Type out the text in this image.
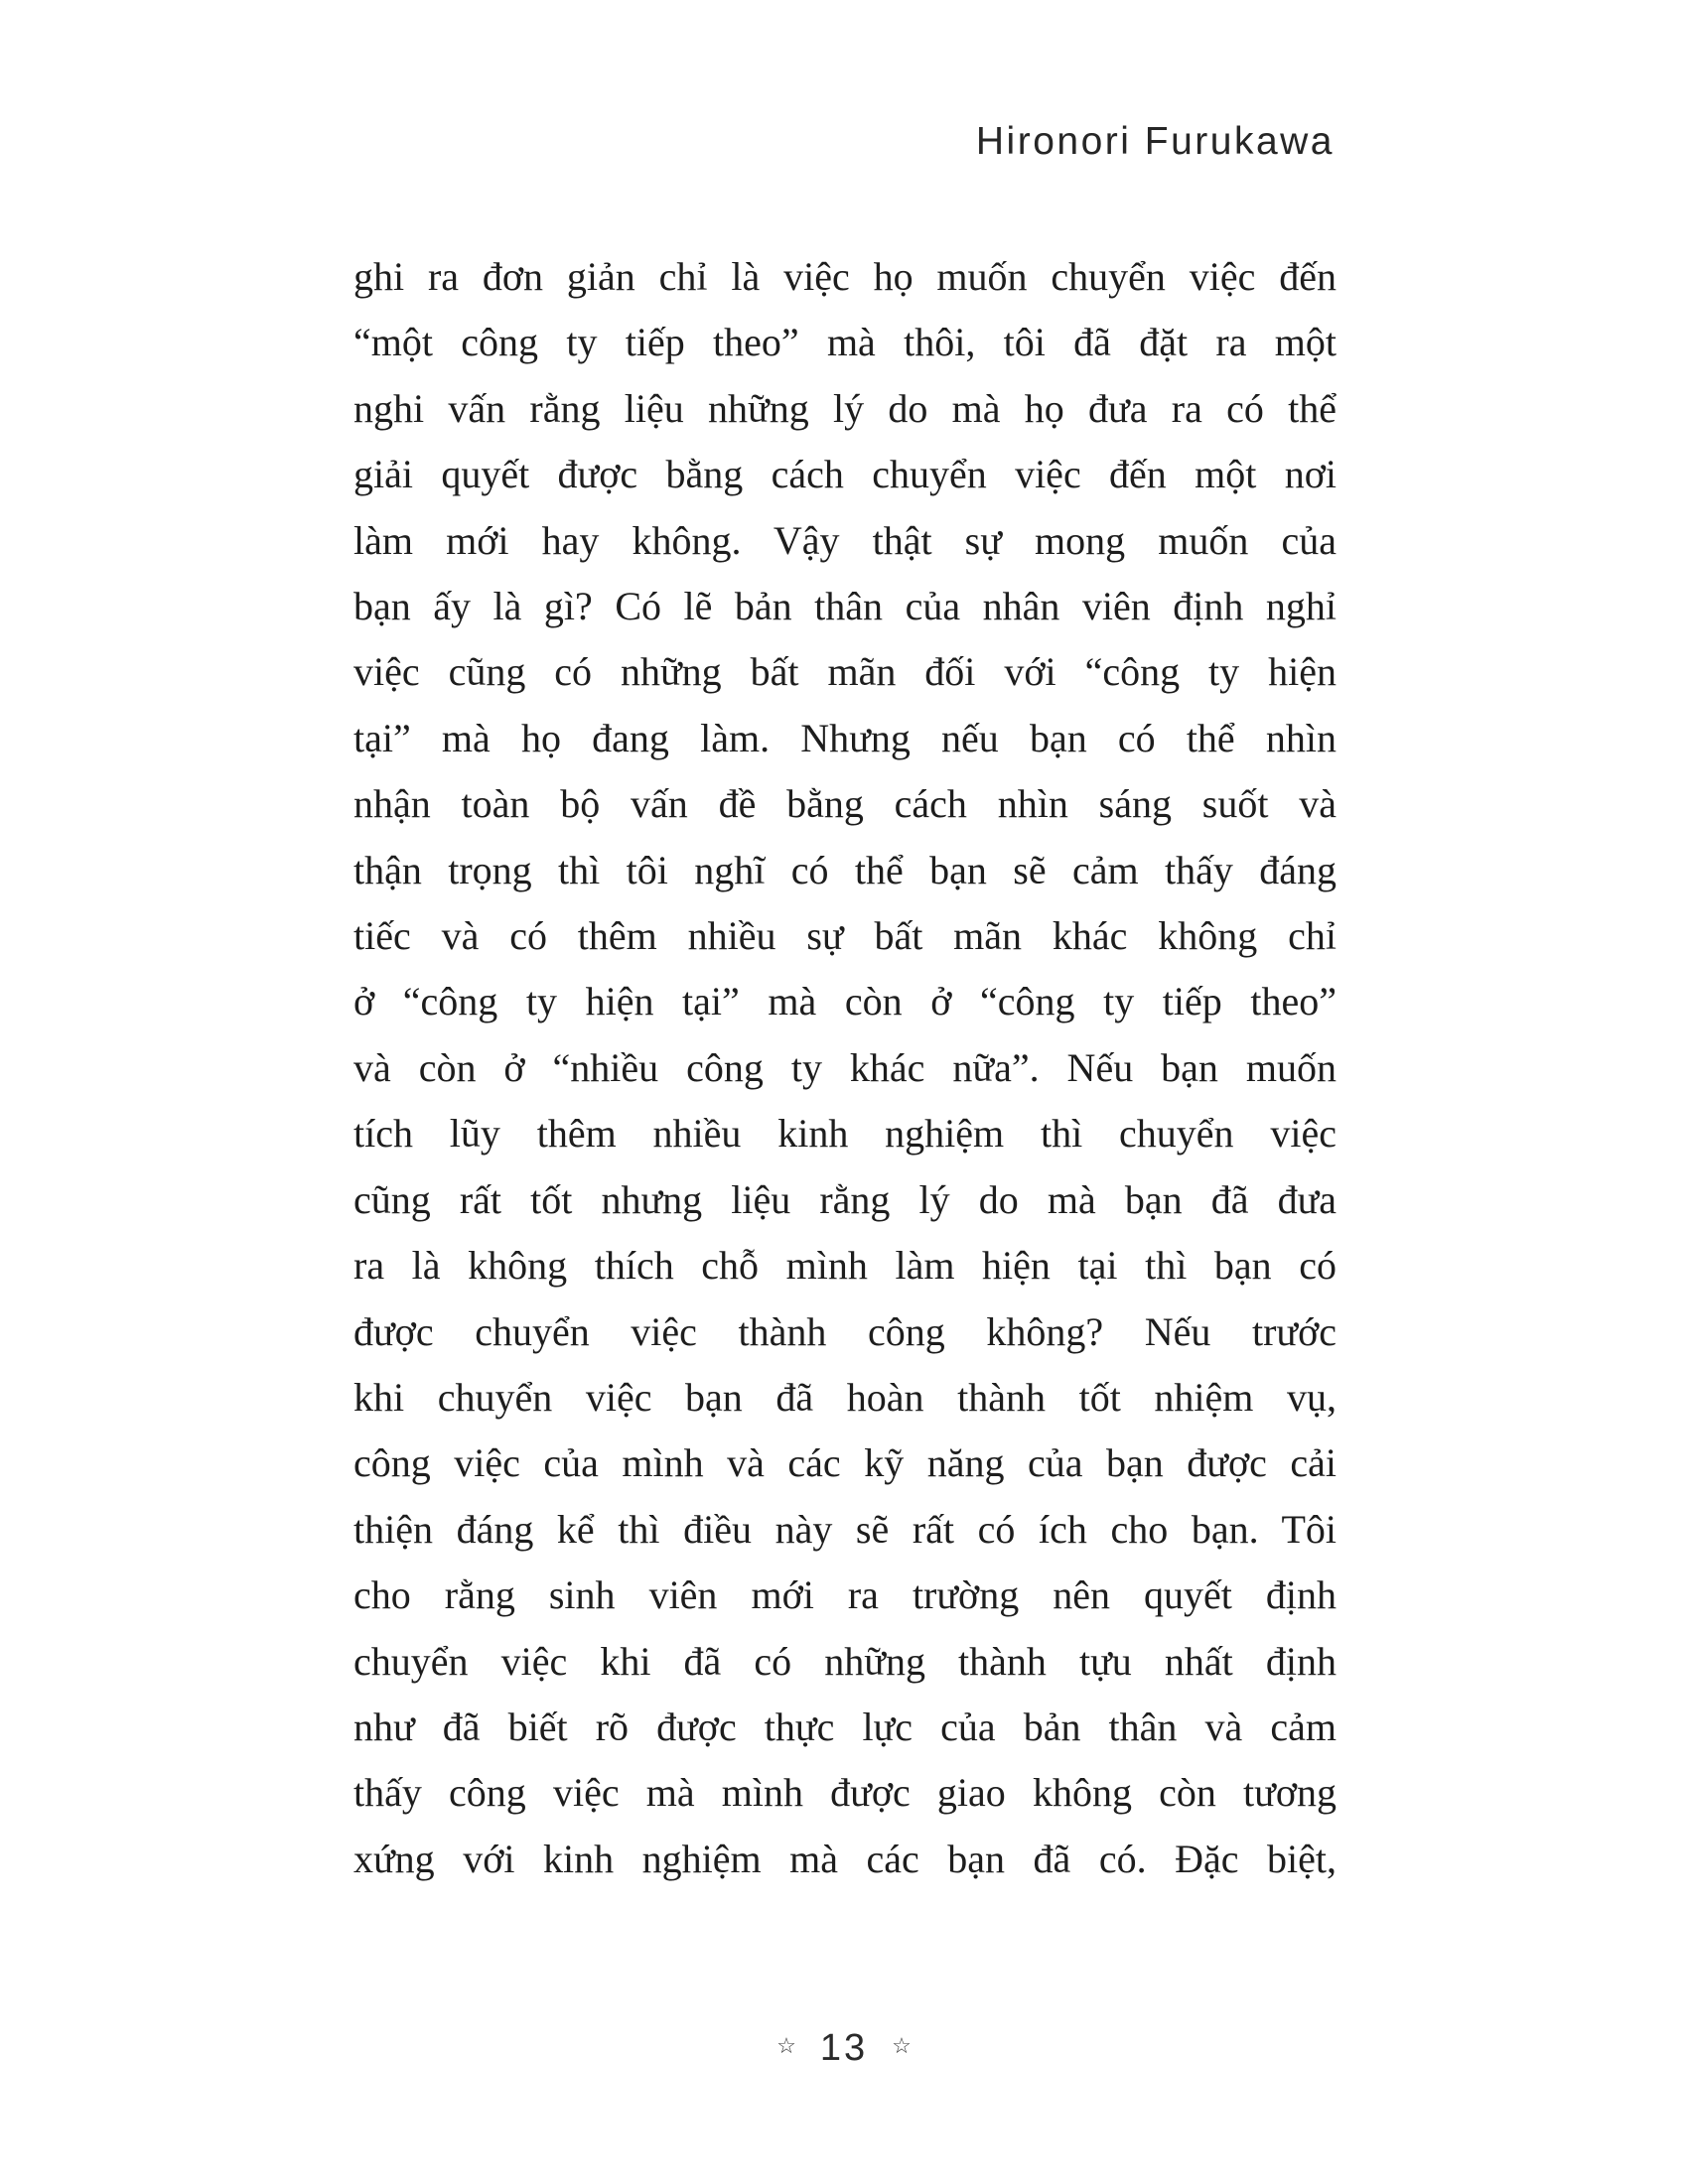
Hironori Furukawa
ghi ra đơn giản chỉ là việc họ muốn chuyển việc đến
“một công ty tiếp theo” mà thôi, tôi đã đặt ra một
nghi vấn rằng liệu những lý do mà họ đưa ra có thể
giải quyết được bằng cách chuyển việc đến một nơi
làm mới hay không. Vậy thật sự mong muốn của
bạn ấy là gì? Có lẽ bản thân của nhân viên định nghỉ
việc cũng có những bất mãn đối với “công ty hiện
tại” mà họ đang làm. Nhưng nếu bạn có thể nhìn
nhận toàn bộ vấn đề bằng cách nhìn sáng suốt và
thận trọng thì tôi nghĩ có thể bạn sẽ cảm thấy đáng
tiếc và có thêm nhiều sự bất mãn khác không chỉ
ở “công ty hiện tại” mà còn ở “công ty tiếp theo”
và còn ở “nhiều công ty khác nữa”. Nếu bạn muốn
tích lũy thêm nhiều kinh nghiệm thì chuyển việc
cũng rất tốt nhưng liệu rằng lý do mà bạn đã đưa
ra là không thích chỗ mình làm hiện tại thì bạn có
được chuyển việc thành công không? Nếu trước
khi chuyển việc bạn đã hoàn thành tốt nhiệm vụ,
công việc của mình và các kỹ năng của bạn được cải
thiện đáng kể thì điều này sẽ rất có ích cho bạn. Tôi
cho rằng sinh viên mới ra trường nên quyết định
chuyển việc khi đã có những thành tựu nhất định
như đã biết rõ được thực lực của bản thân và cảm
thấy công việc mà mình được giao không còn tương
xứng với kinh nghiệm mà các bạn đã có. Đặc biệt,
☆ 13 ☆
